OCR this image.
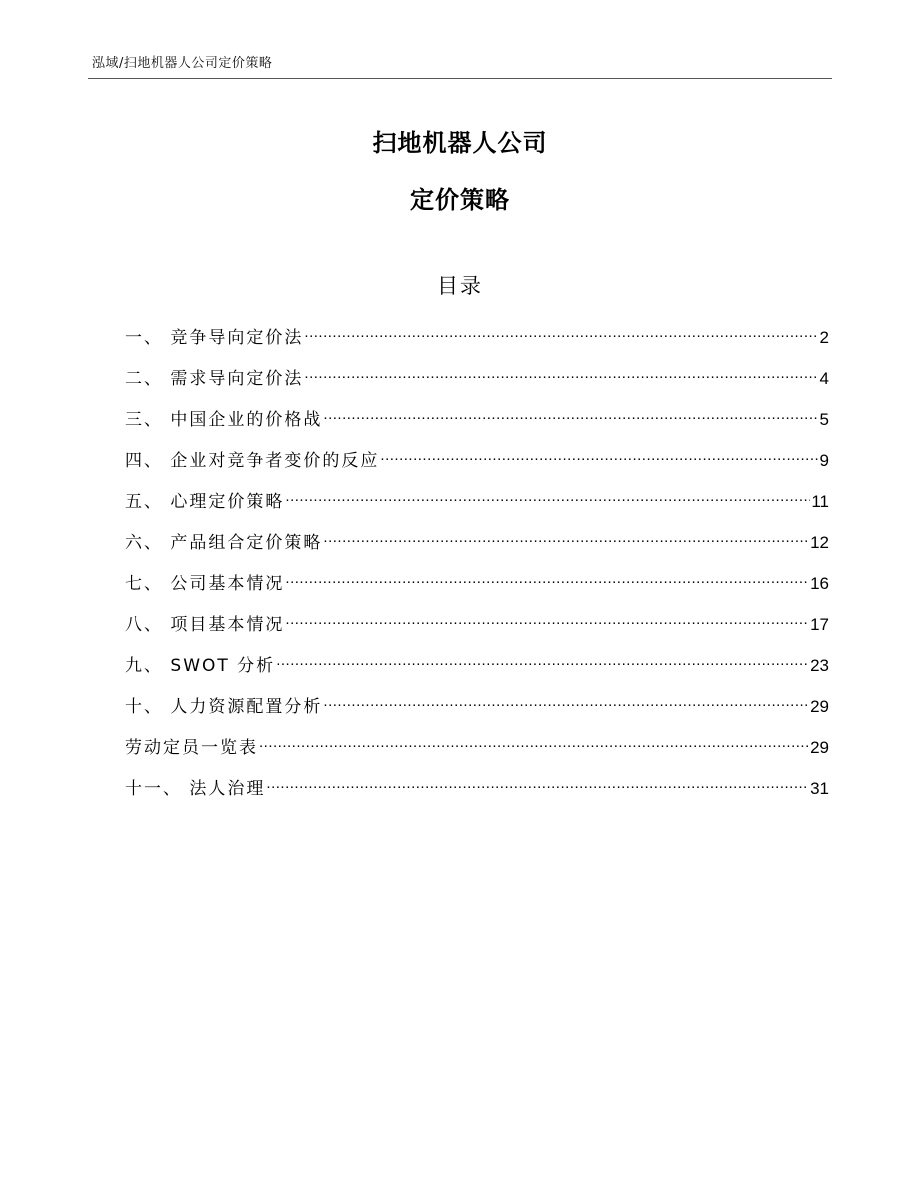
泓域/扫地机器人公司定价策略
扫地机器人公司
定价策略
目录
一、 竞争导向定价法 .....	2
二、 需求导向定价法 .....	4
三、 中国企业的价格战 .....	5
四、 企业对竞争者变价的反应 .....	9
五、 心理定价策略 .....	11
六、 产品组合定价策略 .....	12
七、 公司基本情况 .....	16
八、 项目基本情况 .....	17
九、 SWOT 分析 .....	23
十、 人力资源配置分析 .....	29
劳动定员一览表 .....	29
十一、 法人治理 .....	31
